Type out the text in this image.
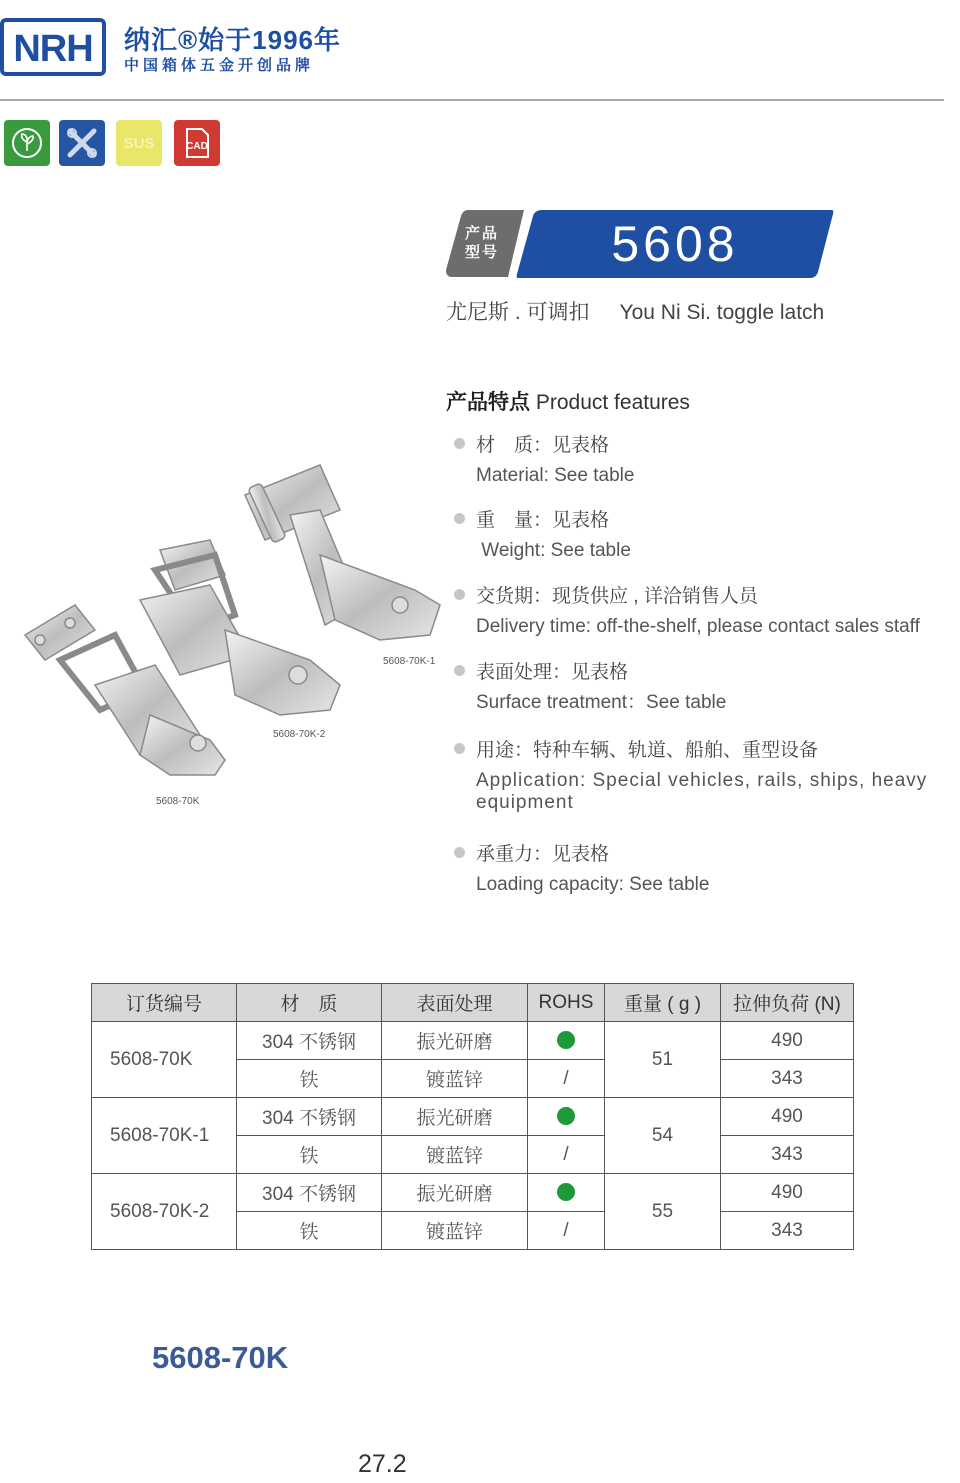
NRH 纳汇®始于1996年
中国箱体五金开创品牌
SUS	CAD
产品型号	5608
尤尼斯 . 可调扣 You Ni Si. toggle latch
产品特点 Product features
材　质：见表格
Material: See table
重　量：见表格
Weight: See table
交货期：现货供应 , 详洽销售人员
Delivery time: off-the-shelf, please contact sales staff
表面处理：见表格
Surface treatment：See table
用途：特种车辆、轨道、船舶、重型设备
Application: Special vehicles, rails, ships, heavy equipment
承重力：见表格
Loading capacity: See table
5608-70K
5608-70K-2
5608-70K-1
订货编号	材　质	表面处理	ROHS	重量 ( g )	拉伸负荷 (N)
5608-70K	304 不锈钢	振光研磨		51	490
	铁	镀蓝锌	/		343
5608-70K-1	304 不锈钢	振光研磨		54	490
	铁	镀蓝锌	/		343
5608-70K-2	304 不锈钢	振光研磨		55	490
	铁	镀蓝锌	/		343
5608-70K
27.2
